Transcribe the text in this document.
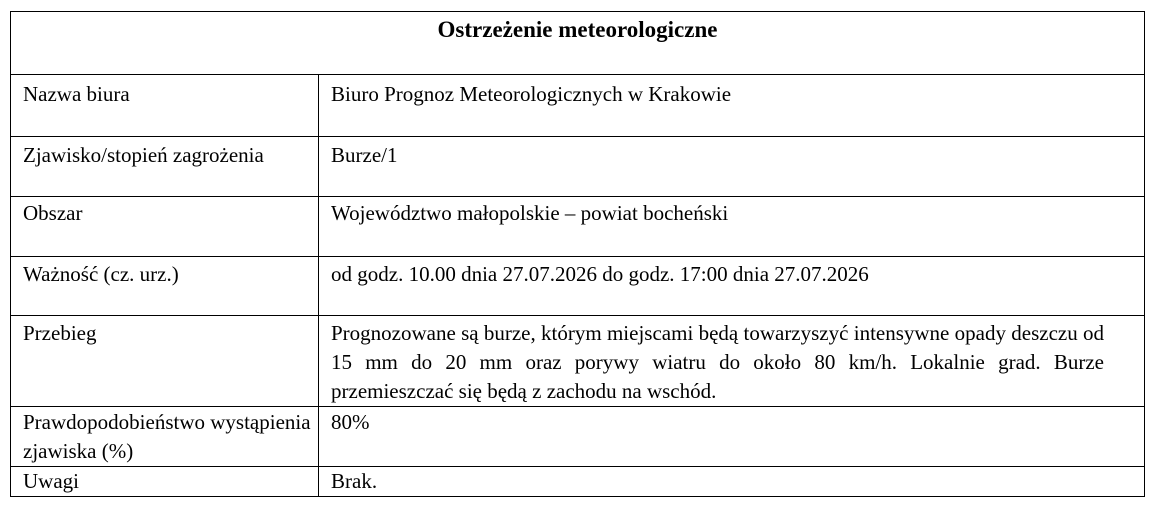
Ostrzeżenie meteorologiczne	
Nazwa biura	Biuro Prognoz Meteorologicznych w Krakowie

Zjawisko/stopień zagrożenia	Burze/1

Obszar	Województwo małopolskie – powiat bocheński

Ważność (cz. urz.)	od godz. 10.00 dnia 27.07.2026 do godz. 17:00 dnia 27.07.2026

Przebieg	Prognozowane są burze, którym miejscami będą towarzyszyć intensywne opady deszczu od 15 mm do 20 mm oraz porywy wiatru do około 80 km/h. Lokalnie grad. Burze przemieszczać się będą z zachodu na wschód.

Prawdopodobieństwo wystąpienia zjawiska (%)	80%

Uwagi	Brak.
